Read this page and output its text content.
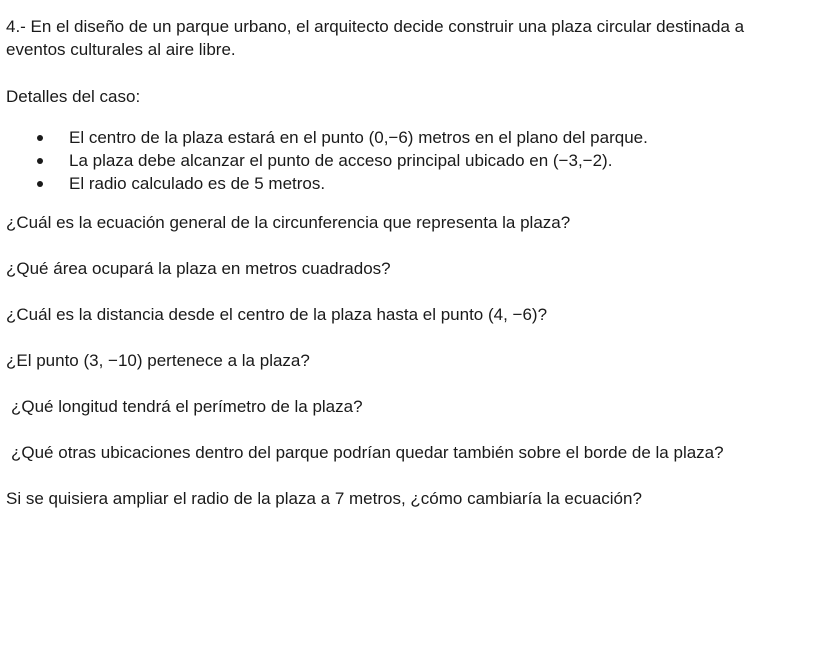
4.- En el diseño de un parque urbano, el arquitecto decide construir una plaza circular destinada a eventos culturales al aire libre.

Detalles del caso:

El centro de la plaza estará en el punto (0,−6) metros en el plano del parque.
La plaza debe alcanzar el punto de acceso principal ubicado en (−3,−2).
El radio calculado es de 5 metros.

¿Cuál es la ecuación general de la circunferencia que representa la plaza?

¿Qué área ocupará la plaza en metros cuadrados?

¿Cuál es la distancia desde el centro de la plaza hasta el punto (4, −6)?

¿El punto (3, −10) pertenece a la plaza?

¿Qué longitud tendrá el perímetro de la plaza?

¿Qué otras ubicaciones dentro del parque podrían quedar también sobre el borde de la plaza?

Si se quisiera ampliar el radio de la plaza a 7 metros, ¿cómo cambiaría la ecuación?
